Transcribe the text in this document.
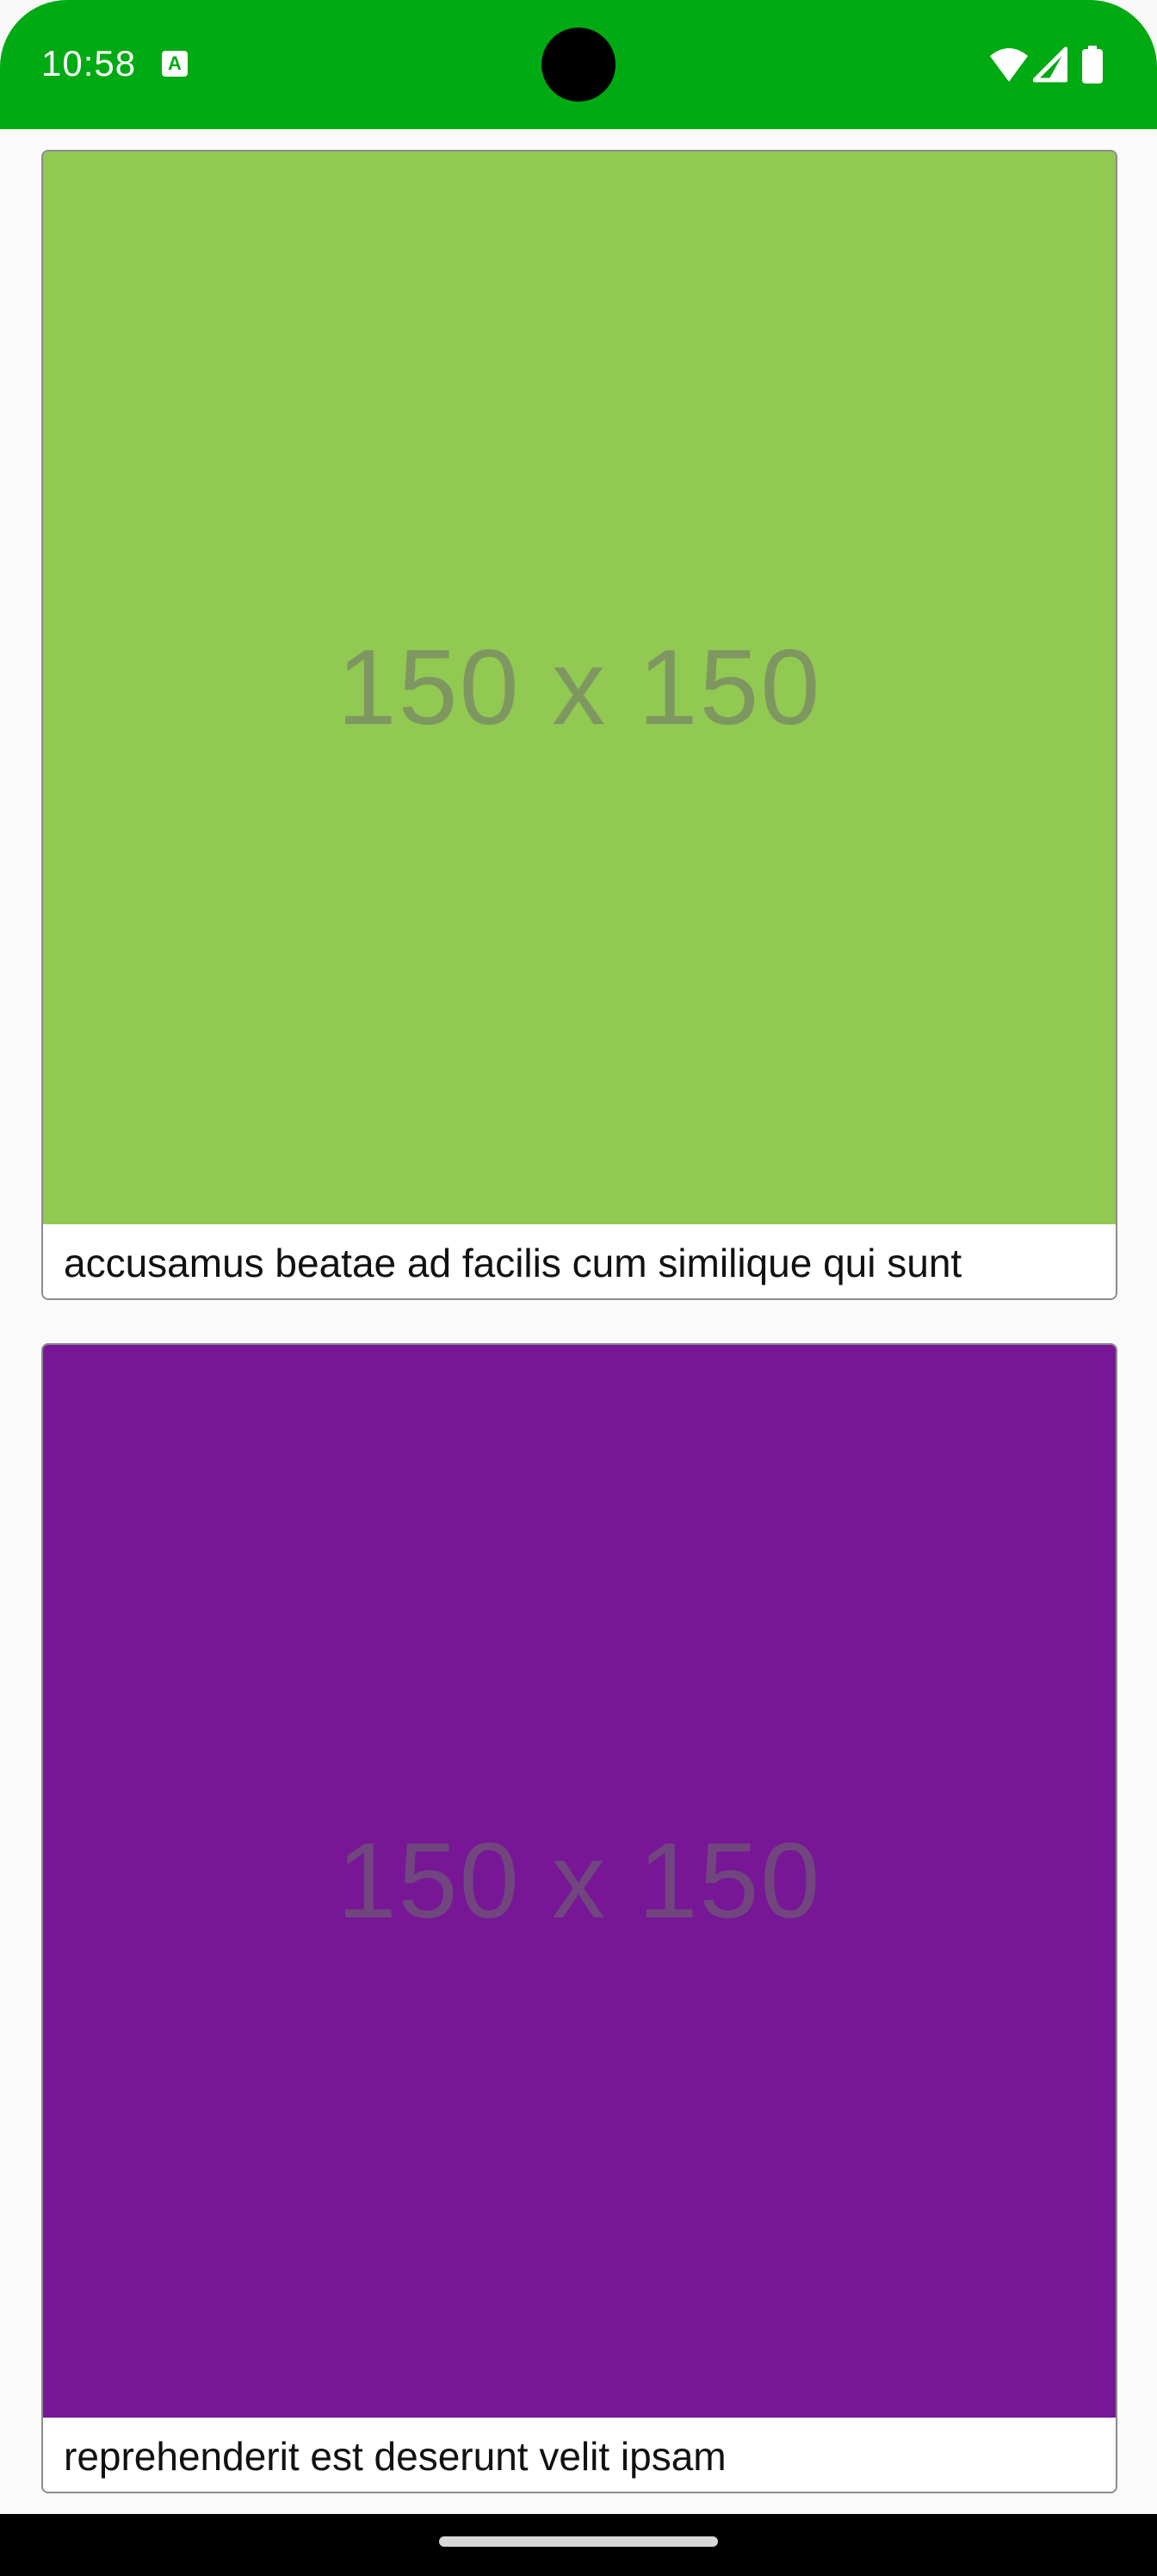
10:58	A
150 x 150
accusamus beatae ad facilis cum similique qui sunt
150 x 150
reprehenderit est deserunt velit ipsam
